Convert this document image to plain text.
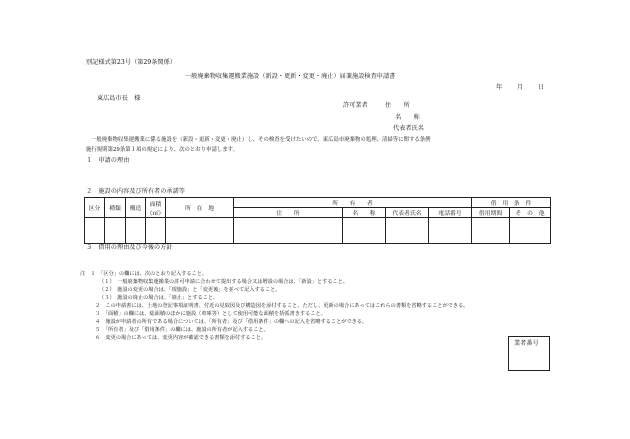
別記様式第23号（第29条関係）
一般廃棄物収集運搬業施設（新設・更新・変更・廃止）届兼施設検査申請書
年 月 日
東広島市長　様
許可業者	住　　所
名　　称
代表者氏名
一般廃棄物収集運搬業に係る施設を（新設・更新・変更・廃止）し、その検査を受けたいので、東広島市廃棄物の処理、清掃等に関する条例
施行規則第29条第１項の規定により、次のとおり申請します。
１　申請の理由
２　施設の内容及び所有者の承諾等
区分	種類	構造	面積
（㎡）	所　在　地	所　　有　　者				借　用　条　件	
					住　　所	名　　称	代表者氏名	電話番号	借用期間	そ　の　他

３　借用の理由及び今後の方針
注　１　「区分」の欄には、次のとおり記入すること。
（１）　一般廃棄物収集運搬業の許可申請に合わせて提出する場合又は増設の場合は、「新設」とすること。
（２）　施設の変更の場合は、「現施設」と「変更後」を並べて記入すること。
（３）　施設の廃止の場合は、「廃止」とすること。
２　この申請書には、土地の登記事項証明書、付近の見取図及び構造図を添付すること。ただし、更新の場合にあってはこれらの書類を省略することができる。
３　「面積」の欄には、総面積のほかに施設（車庫等）として使用可能な面積を括弧書きすること。
４　施設が申請者の所有である場合については、「所有者」及び「借用条件」の欄への記入を省略することができる。
５　「所有者」及び「借用条件」の欄には、施設の所有者が記入すること。
６　変更の場合にあっては、変更内容が確認できる書類を添付すること。
業者番号
